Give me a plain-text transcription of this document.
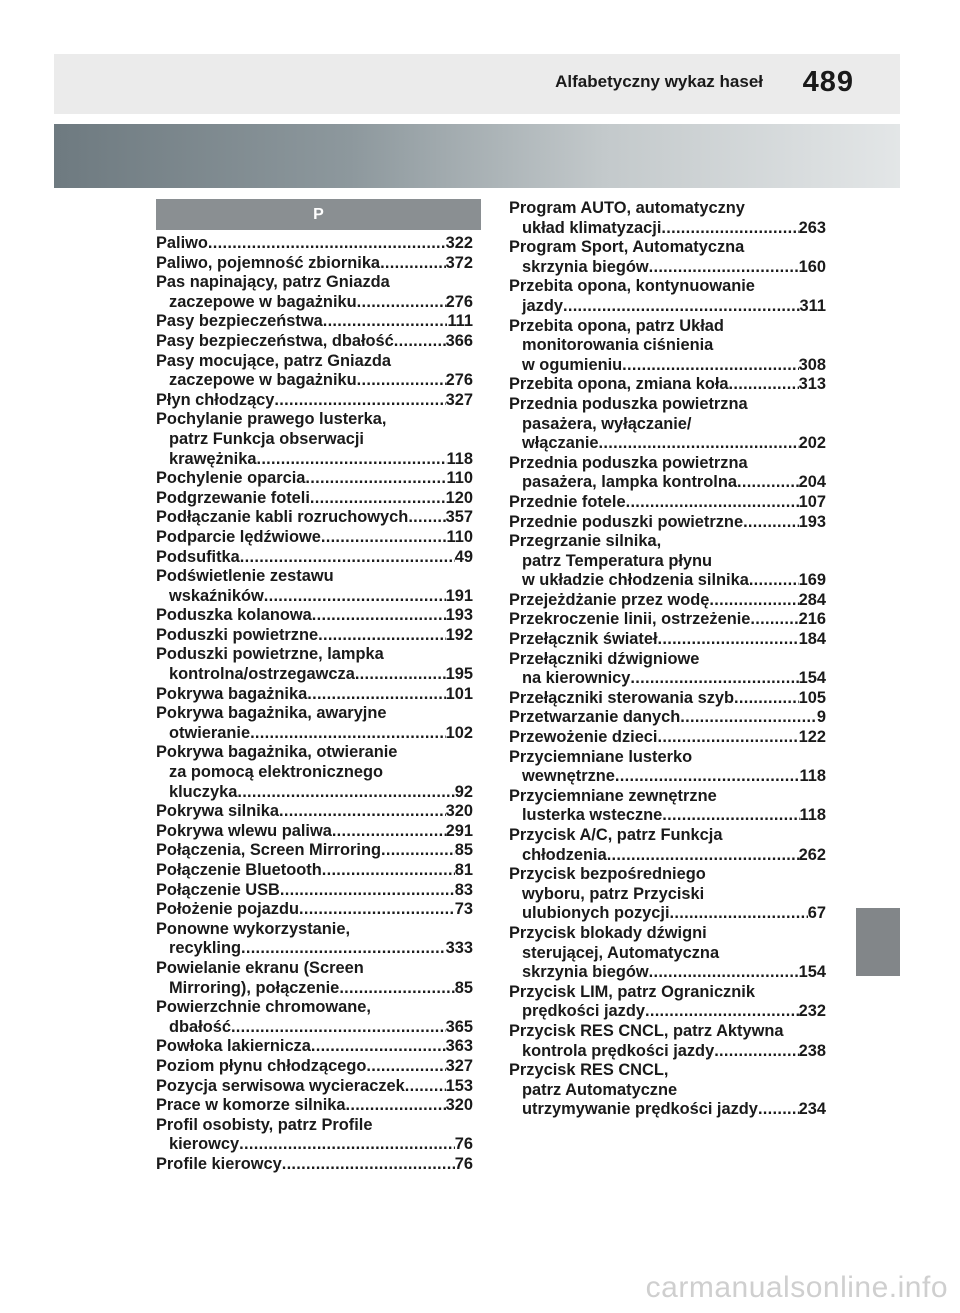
Alfabetyczny wykaz haseł 489
P
Paliwo .....	322
Paliwo, pojemność zbiornika .....	372
Pas napinający, patrz Gniazda
zaczepowe w bagażniku .....	276
Pasy bezpieczeństwa .....	111
Pasy bezpieczeństwa, dbałość .....	366
Pasy mocujące, patrz Gniazda
zaczepowe w bagażniku .....	276
Płyn chłodzący .....	327
Pochylanie prawego lusterka,
patrz Funkcja obserwacji
krawężnika .....	118
Pochylenie oparcia .....	110
Podgrzewanie foteli .....	120
Podłączanie kabli rozruchowych ..... 357
Podparcie lędźwiowe .....	110
Podsufitka .....	49
Podświetlenie zestawu
wskaźników .....	191
Poduszka kolanowa .....	193
Poduszki powietrzne .....	192
Poduszki powietrzne, lampka
kontrolna/ostrzegawcza .....	195
Pokrywa bagażnika .....	101
Pokrywa bagażnika, awaryjne
otwieranie .....	102
Pokrywa bagażnika, otwieranie
za pomocą elektronicznego
kluczyka .....	92
Pokrywa silnika .....	320
Pokrywa wlewu paliwa .....	291
Połączenia, Screen Mirroring .....	85
Połączenie Bluetooth .....	81
Połączenie USB .....	83
Położenie pojazdu .....	73
Ponowne wykorzystanie,
recykling .....	333
Powielanie ekranu (Screen
Mirroring), połączenie .....	85
Powierzchnie chromowane,
dbałość .....	365
Powłoka lakiernicza .....	363
Poziom płynu chłodzącego .....	327
Pozycja serwisowa wycieraczek ..... 153
Prace w komorze silnika .....	320
Profil osobisty, patrz Profile
kierowcy .....	76
Profile kierowcy .....	76
Program AUTO, automatyczny
układ klimatyzacji .....	263
Program Sport, Automatyczna
skrzynia biegów .....	160
Przebita opona, kontynuowanie
jazdy .....	311
Przebita opona, patrz Układ
monitorowania ciśnienia
w ogumieniu .....	308
Przebita opona, zmiana koła .....	313
Przednia poduszka powietrzna
pasażera, wyłączanie/
włączanie .....	202
Przednia poduszka powietrzna
pasażera, lampka kontrolna .....	204
Przednie fotele .....	107
Przednie poduszki powietrzne .....	193
Przegrzanie silnika,
patrz Temperatura płynu
w układzie chłodzenia silnika .....	169
Przejeżdżanie przez wodę .....	284
Przekroczenie linii, ostrzeżenie .....	216
Przełącznik świateł .....	184
Przełączniki dźwigniowe
na kierownicy .....	154
Przełączniki sterowania szyb .....	105
Przetwarzanie danych .....	9
Przewożenie dzieci .....	122
Przyciemniane lusterko
wewnętrzne .....	118
Przyciemniane zewnętrzne
lusterka wsteczne .....	118
Przycisk A/C, patrz Funkcja
chłodzenia .....	262
Przycisk bezpośredniego
wyboru, patrz Przyciski
ulubionych pozycji .....	67
Przycisk blokady dźwigni
sterującej, Automatyczna
skrzynia biegów .....	154
Przycisk LIM, patrz Ogranicznik
prędkości jazdy .....	232
Przycisk RES CNCL, patrz Aktywna
kontrola prędkości jazdy .....	238
Przycisk RES CNCL,
patrz Automatyczne
utrzymywanie prędkości jazdy ..... 234
carmanualsonline.info
